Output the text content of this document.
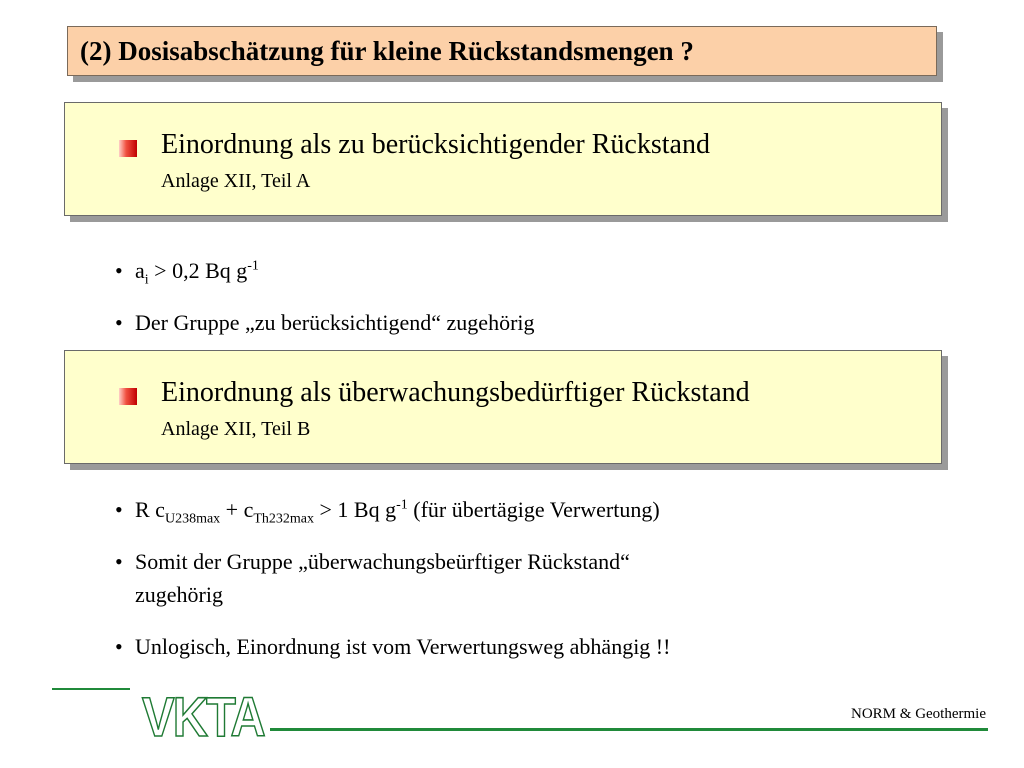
(2) Dosisabschätzung für kleine Rückstandsmengen ?
Einordnung als zu berücksichtigender Rückstand
Anlage XII, Teil A
• $a_i > 0,2$ Bq $g^{-1}$
• Der Gruppe „zu berücksichtigend“ zugehörig
Einordnung als überwachungsbedürftiger Rückstand
Anlage XII, Teil B
• R $c_{U238max} + c_{Th232max} > 1$ Bq $g^{-1}$ (für übertägige Verwertung)
• Somit der Gruppe „überwachungsbeürftiger Rückstand“
zugehörig
• Unlogisch, Einordnung ist vom Verwertungsweg abhängig !!
VKTA	NORM & Geothermie
